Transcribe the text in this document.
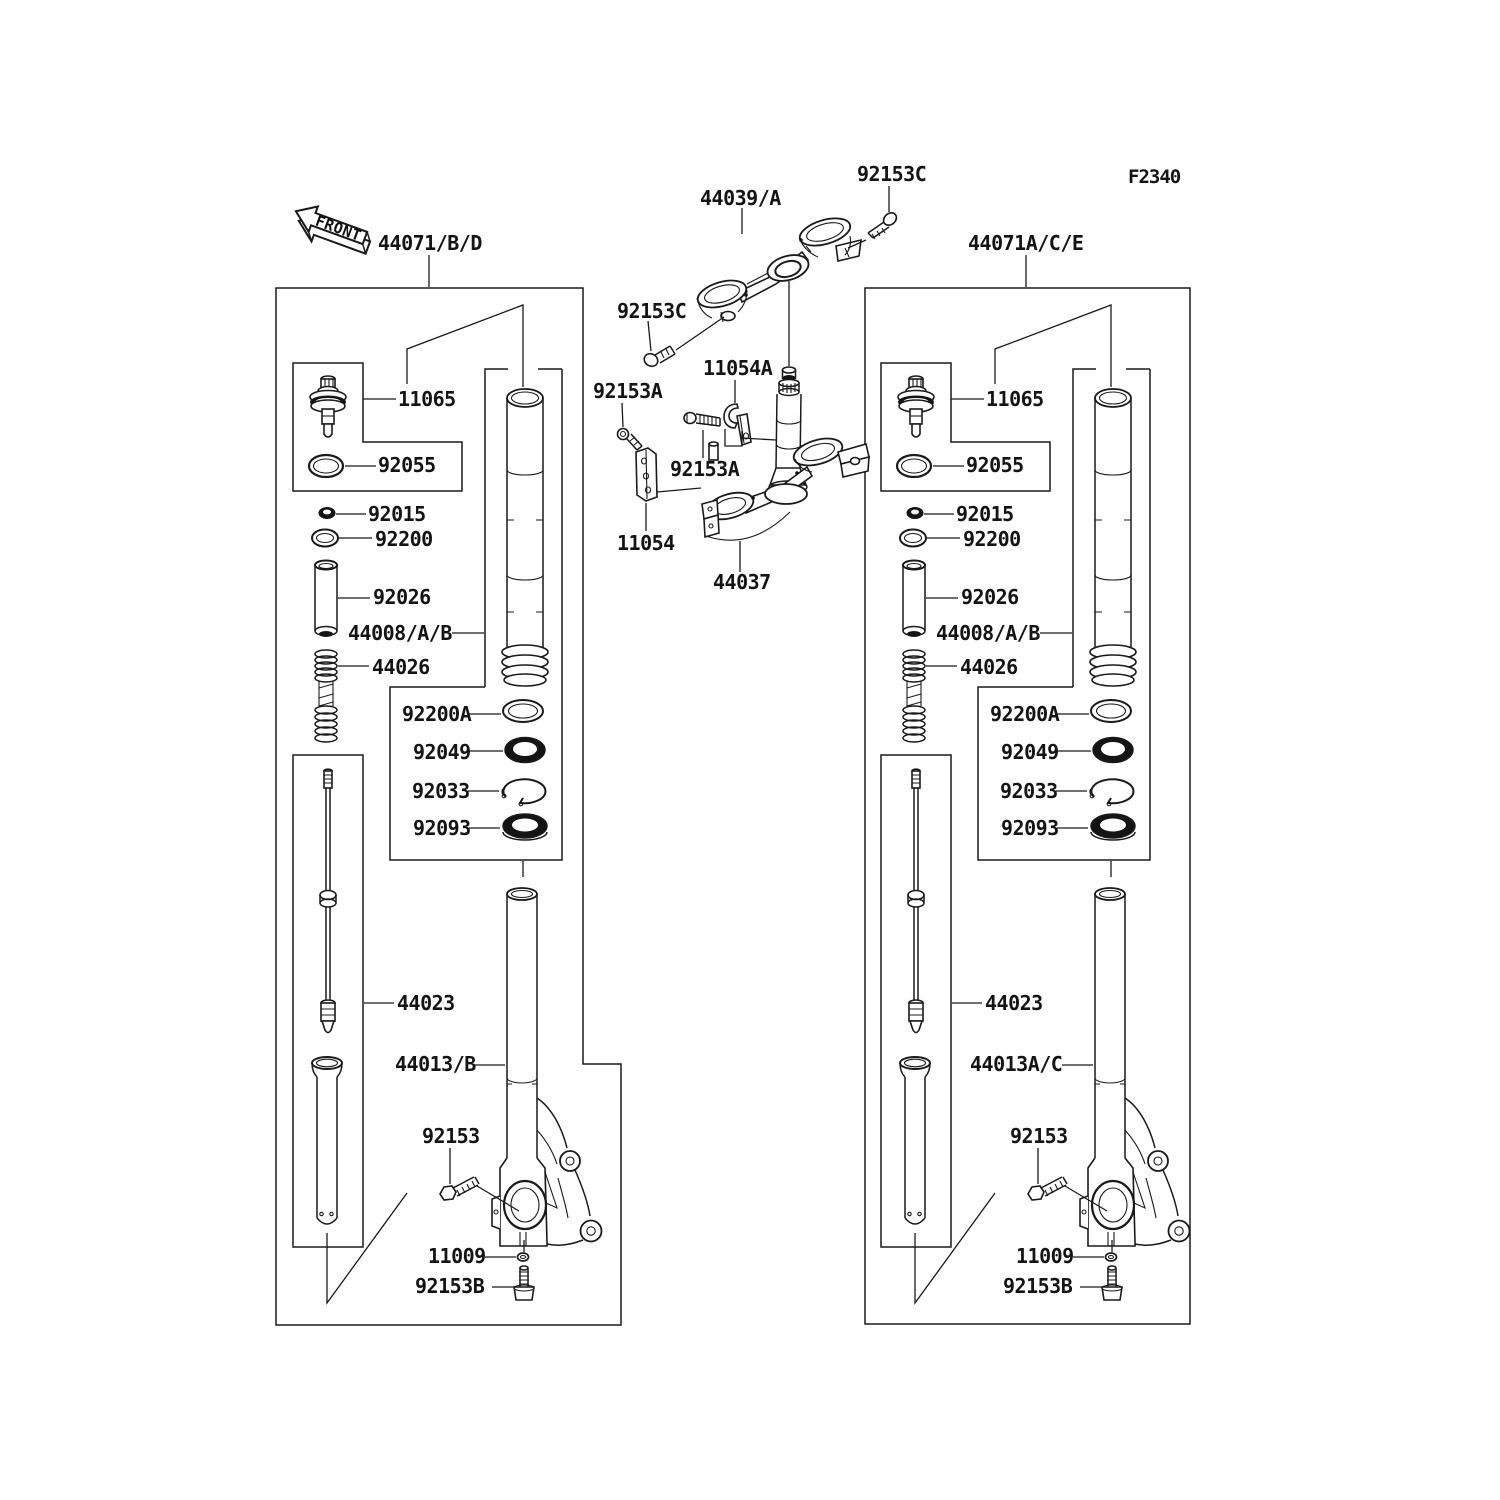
FRONT
F2340
44071/B/D
11065
92055
92015
92200
92026
44008/A/B
44026
92200A
92049
92033
92093
44023
44013/B
92153
11009
92153B
44071A/C/E
11065
92055
92015
92200
92026
44008/A/B
44026
92200A
92049
92033
92093
44023
44013A/C
92153
11009
92153B
92153C
44039/A
92153C
92153A
11054A
92153A
11054
44037
